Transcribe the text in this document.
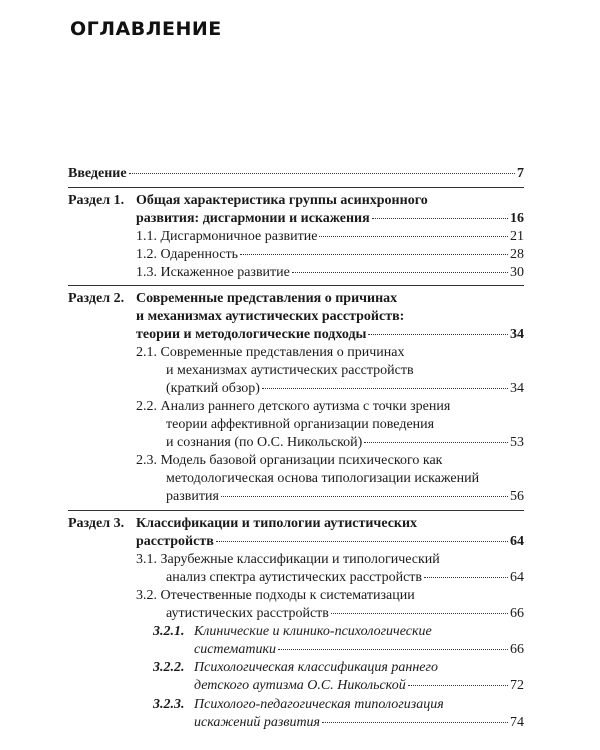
ОГЛАВЛЕНИЕ
Введение	7
Раздел 1. Общая характеристика группы асинхронного
развития: дисгармонии и искажения	16
1.1. Дисгармоничное развитие	21
1.2. Одаренность	28
1.3. Искаженное развитие	30
Раздел 2. Современные представления о причинах
и механизмах аутистических расстройств:
теории и методологические подходы	34
2.1. Современные представления о причинах
и механизмах аутистических расстройств
(краткий обзор)	34
2.2. Анализ раннего детского аутизма с точки зрения
теории аффективной организации поведения
и сознания (по О.С. Никольской)	53
2.3. Модель базовой организации психического как
методологическая основа типологизации искажений
развития	56
Раздел 3. Классификации и типологии аутистических
расстройств	64
3.1. Зарубежные классификации и типологический
анализ спектра аутистических расстройств	64
3.2. Отечественные подходы к систематизации
аутистических расстройств	66
3.2.1. Клинические и клинико-психологические
систематики	66
3.2.2. Психологическая классификация раннего
детского аутизма О.С. Никольской	72
3.2.3. Психолого-педагогическая типологизация
искажений развития	74
